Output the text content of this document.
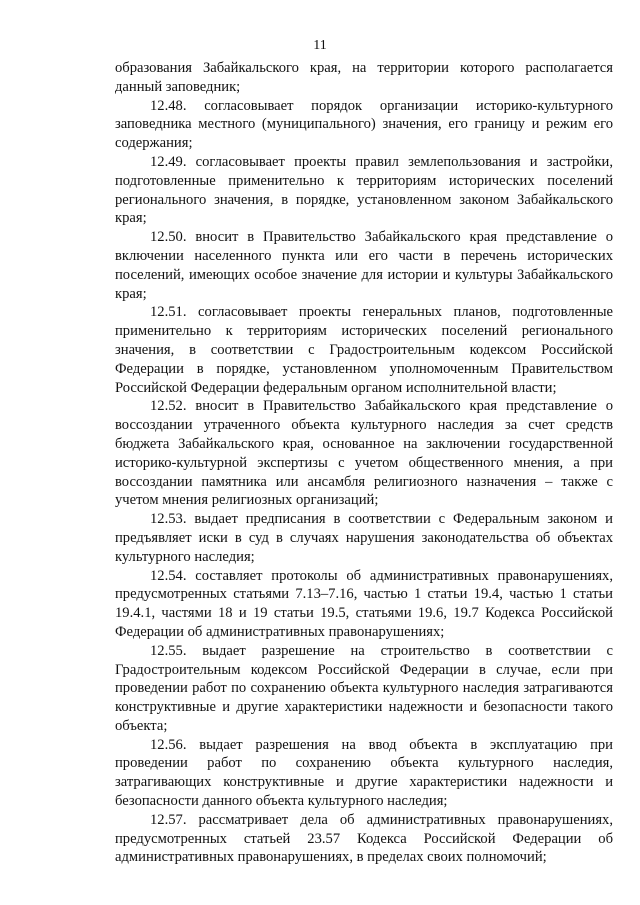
11

образования Забайкальского края, на территории которого располагается данный заповедник;

12.48. согласовывает порядок организации историко-культурного заповедника местного (муниципального) значения, его границу и режим его содержания;

12.49. согласовывает проекты правил землепользования и застройки, подготовленные применительно к территориям исторических поселений регионального значения, в порядке, установленном законом Забайкальского края;

12.50. вносит в Правительство Забайкальского края представление о включении населенного пункта или его части в перечень исторических поселений, имеющих особое значение для истории и культуры Забайкальского края;

12.51. согласовывает проекты генеральных планов, подготовленные применительно к территориям исторических поселений регионального значения, в соответствии с Градостроительным кодексом Российской Федерации в порядке, установленном уполномоченным Правительством Российской Федерации федеральным органом исполнительной власти;

12.52. вносит в Правительство Забайкальского края представление о воссоздании утраченного объекта культурного наследия за счет средств бюджета Забайкальского края, основанное на заключении государственной историко-культурной экспертизы с учетом общественного мнения, а при воссоздании памятника или ансамбля религиозного назначения – также с учетом мнения религиозных организаций;

12.53. выдает предписания в соответствии с Федеральным законом и предъявляет иски в суд в случаях нарушения законодательства об объектах культурного наследия;

12.54. составляет протоколы об административных правонарушениях, предусмотренных статьями 7.13–7.16, частью 1 статьи 19.4, частью 1 статьи 19.4.1, частями 18 и 19 статьи 19.5, статьями 19.6, 19.7 Кодекса Российской Федерации об административных правонарушениях;

12.55. выдает разрешение на строительство в соответствии с Градостроительным кодексом Российской Федерации в случае, если при проведении работ по сохранению объекта культурного наследия затрагиваются конструктивные и другие характеристики надежности и безопасности такого объекта;

12.56. выдает разрешения на ввод объекта в эксплуатацию при проведении работ по сохранению объекта культурного наследия, затрагивающих конструктивные и другие характеристики надежности и безопасности данного объекта культурного наследия;

12.57. рассматривает дела об административных правонарушениях, предусмотренных статьей 23.57 Кодекса Российской Федерации об административных правонарушениях, в пределах своих полномочий;
